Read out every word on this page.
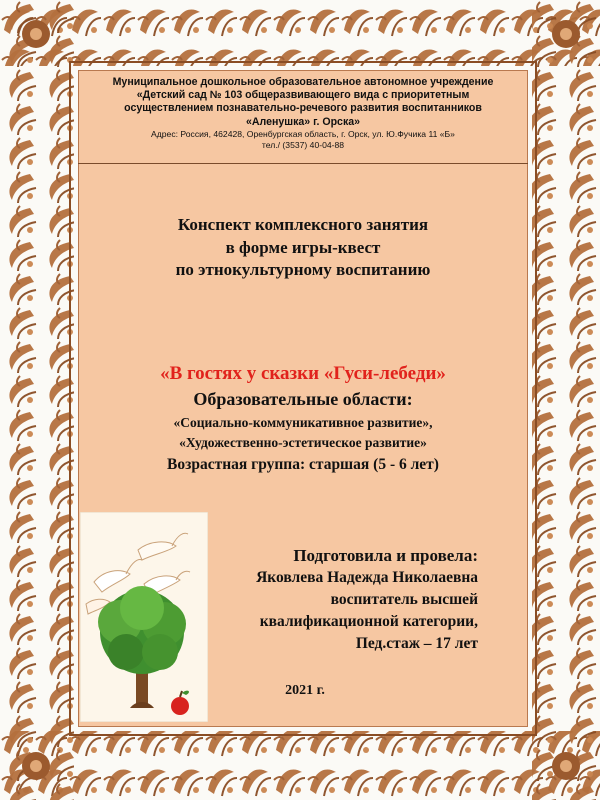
Муниципальное дошкольное образовательное автономное учреждение «Детский сад № 103 общеразвивающего вида с приоритетным осуществлением познавательно-речевого развития воспитанников «Аленушка» г. Орска»
Адрес: Россия, 462428, Оренбургская область, г. Орск, ул. Ю.Фучика 11 «Б»
тел./ (3537) 40-04-88
Конспект комплексного занятия
в форме игры-квест
по этнокультурному воспитанию
«В гостях у сказки «Гуси-лебеди»
Образовательные области:
«Социально-коммуникативное развитие»,
«Художественно-эстетическое развитие»
Возрастная группа: старшая (5 - 6 лет)
Подготовила и провела:
Яковлева Надежда Николаевна
воспитатель высшей
квалификационной категории,
Пед.стаж – 17 лет
2021 г.
